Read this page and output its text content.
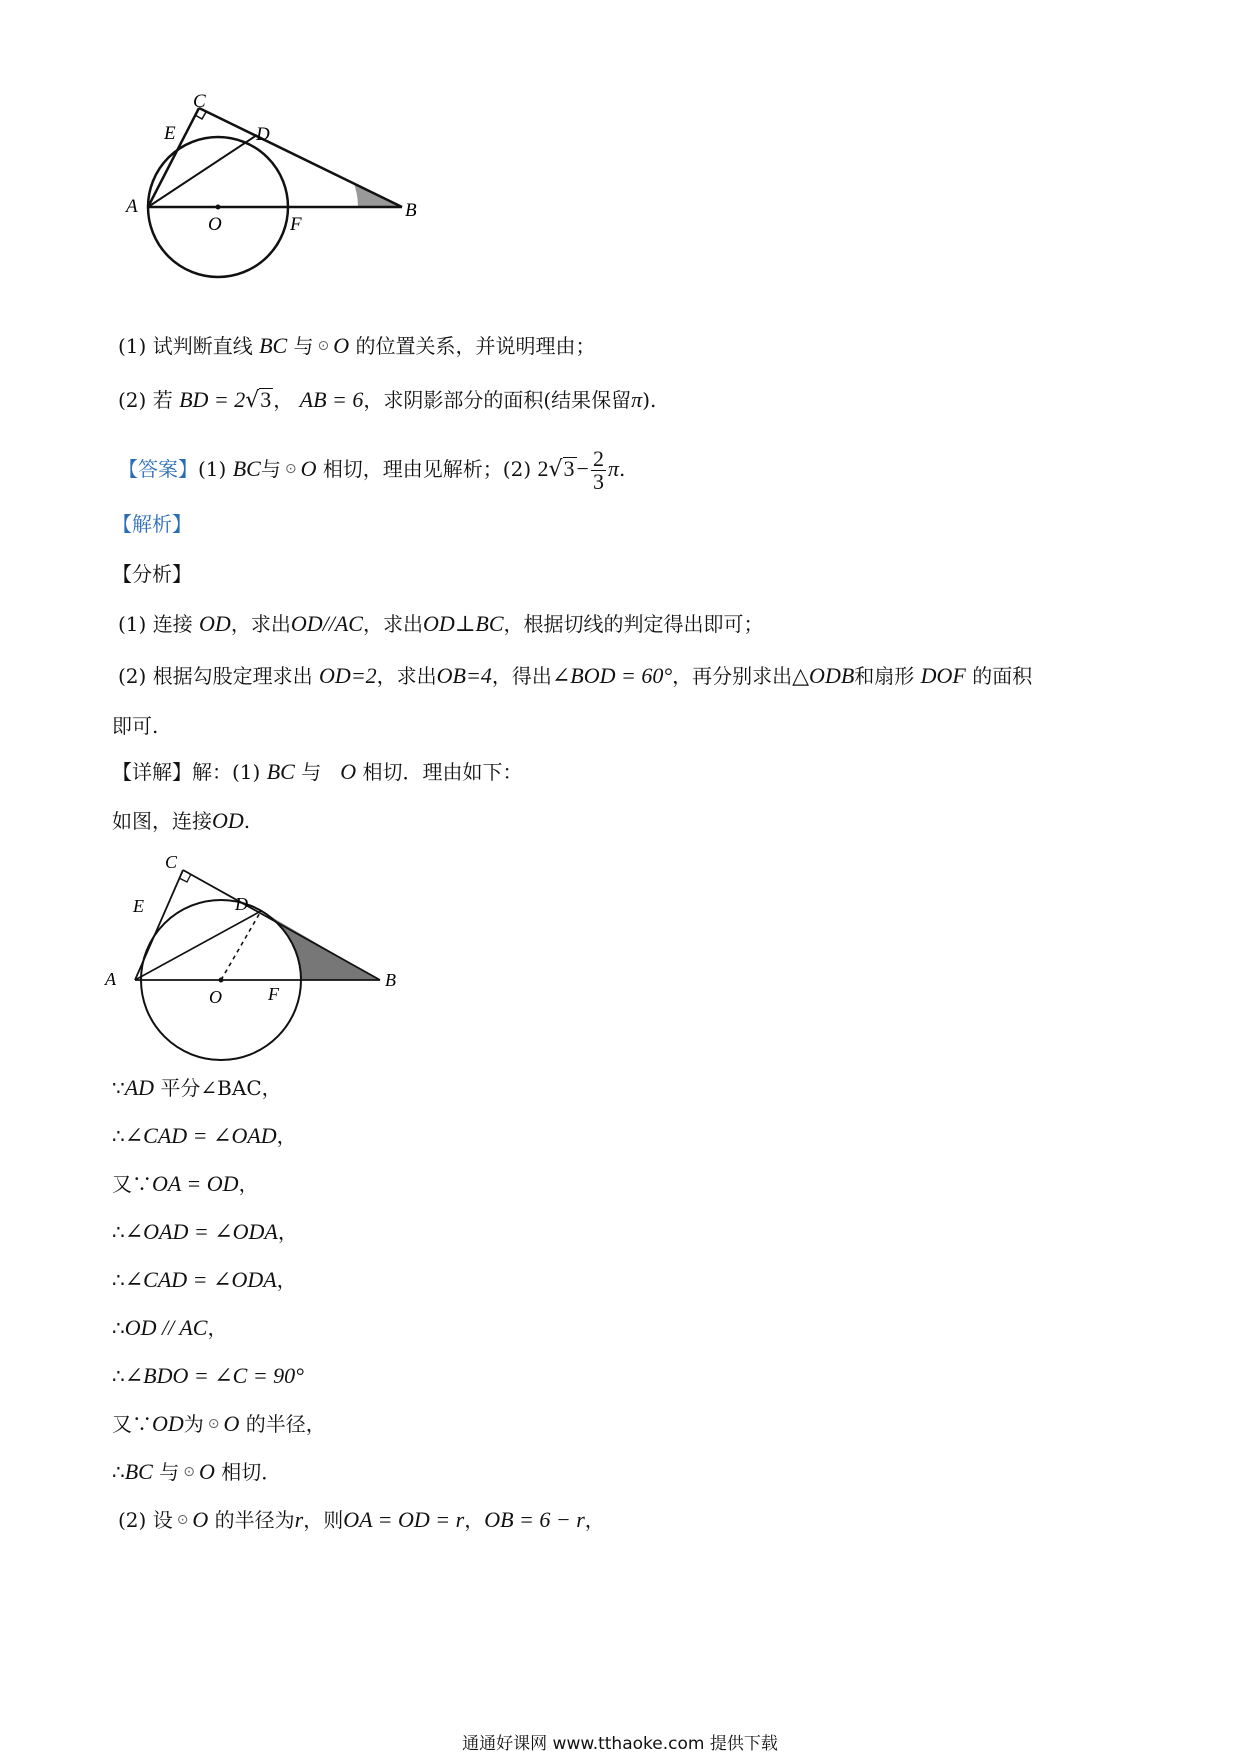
C
E	D
A
O	F
B
(1) 试判断直线 BC 与 ⊙ O 的位置关系，并说明理由；
(2) 若 BD = 2√3 ， AB = 6，求阴影部分的面积(结果保留π).
【答案】(1) BC与 ⊙ O 相切，理由见解析；(2) $2√3- \frac{2}{3} \pi$.
【解析】
【分析】
(1) 连接 OD，求出OD//AC，求出OD⊥BC，根据切线的判定得出即可；
(2) 根据勾股定理求出 OD=2，求出OB=4，得出∠BOD = 60°，再分别求出△ODB和扇形 DOF 的面积
即可.
【详解】解：(1) BC 与 O 相切．理由如下：
如图，连接OD.
C
E	D
A
O	F
B
∵AD 平分∠BAC，
∴∠CAD = ∠OAD，
又∵OA = OD，
∴∠OAD = ∠ODA，
∴∠CAD = ∠ODA，
∴OD // AC，
∴∠BDO = ∠C = 90°
又∵OD为 ⊙ O 的半径，
∴BC 与 ⊙ O 相切．
(2) 设 ⊙ O 的半径为r，则OA = OD = r，OB = 6 − r，
通通好课网 www.tthaoke.com 提供下载
